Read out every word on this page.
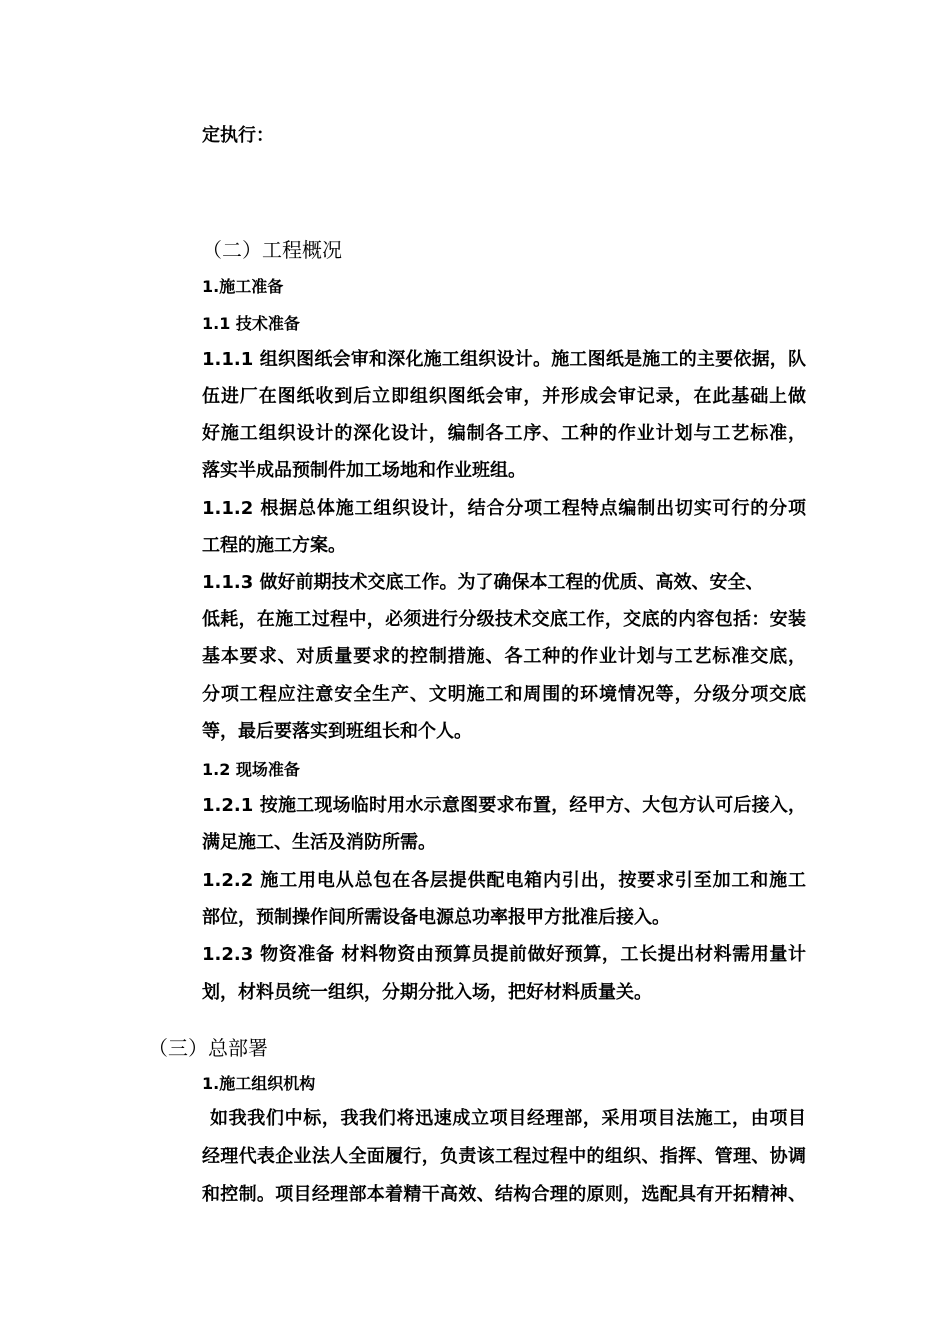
定执行：
（二）工程概况
1.施工准备
1.1 技术准备
1.1.1 组织图纸会审和深化施工组织设计。施工图纸是施工的主要依据，队
伍进厂在图纸收到后立即组织图纸会审，并形成会审记录，在此基础上做
好施工组织设计的深化设计，编制各工序、工种的作业计划与工艺标准，
落实半成品预制件加工场地和作业班组。
1.1.2 根据总体施工组织设计，结合分项工程特点编制出切实可行的分项
工程的施工方案。
1.1.3 做好前期技术交底工作。为了确保本工程的优质、高效、安全、
低耗，在施工过程中，必须进行分级技术交底工作，交底的内容包括：安装
基本要求、对质量要求的控制措施、各工种的作业计划与工艺标准交底，
分项工程应注意安全生产、文明施工和周围的环境情况等，分级分项交底
等，最后要落实到班组长和个人。
1.2 现场准备
1.2.1 按施工现场临时用水示意图要求布置，经甲方、大包方认可后接入，
满足施工、生活及消防所需。
1.2.2 施工用电从总包在各层提供配电箱内引出，按要求引至加工和施工
部位，预制操作间所需设备电源总功率报甲方批准后接入。
1.2.3 物资准备 材料物资由预算员提前做好预算，工长提出材料需用量计
划，材料员统一组织，分期分批入场，把好材料质量关。
（三）总部署
1.施工组织机构
如我我们中标，我我们将迅速成立项目经理部，采用项目法施工，由项目
经理代表企业法人全面履行，负责该工程过程中的组织、指挥、管理、协调
和控制。项目经理部本着精干高效、结构合理的原则，选配具有开拓精神、
